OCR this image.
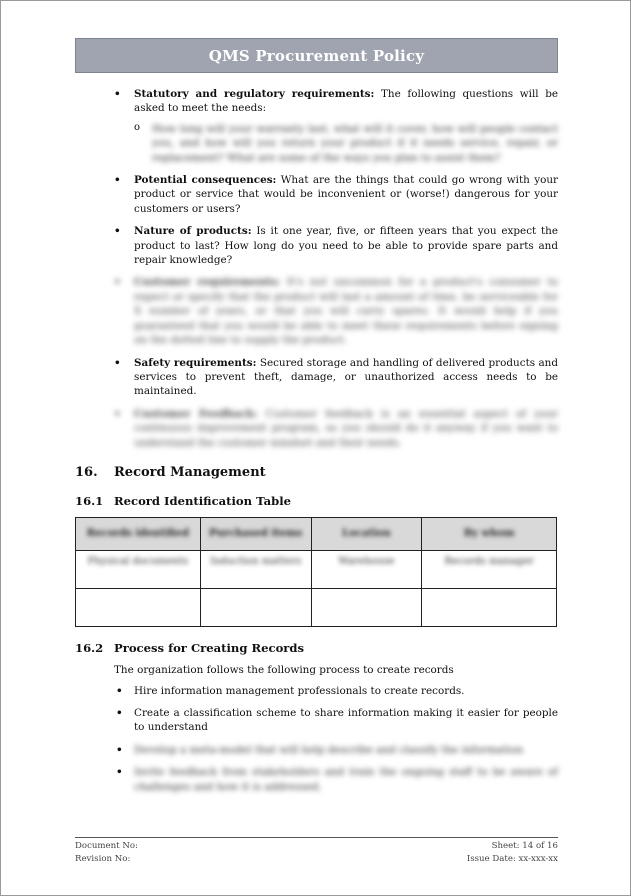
QMS Procurement Policy
• Statutory and regulatory requirements: The following questions will be asked to meet the needs:
o How long will your warranty last, what will it cover, how will people contact you, and how will you return your product if it needs service, repair, or replacement? What are some of the ways you plan to assist them?
• Potential consequences: What are the things that could go wrong with your product or service that would be inconvenient or (worse!) dangerous for your customers or users?
• Nature of products: Is it one year, five, or fifteen years that you expect the product to last? How long do you need to be able to provide spare parts and repair knowledge?
• Customer requirements: It's not uncommon for a product's consumer to expect or specify that the product will last a amount of time, be serviceable for X number of years, or that you will carry spares. It would help if you guaranteed that you would be able to meet these requirements before signing on the dotted line to supply the product.
• Safety requirements: Secured storage and handling of delivered products and services to prevent theft, damage, or unauthorized access needs to be maintained.
• Customer Feedback: Customer feedback is an essential aspect of your continuous improvement program, so you should do it anyway if you want to understand the customer mindset and their needs.
16.	Record Management
16.1 Record Identification Table
Records identified	Purchased items	Location	By whom
Physical documents	Induction matters	Warehouse	Records manager

16.2 Process for Creating Records
The organization follows the following process to create records
• Hire information management professionals to create records.
• Create a classification scheme to share information making it easier for people to understand
• Develop a meta-model that will help describe and classify the information
• Invite feedback from stakeholders and train the ongoing staff to be aware of challenges and how it is addressed.
Document No:
Revision No:
Sheet: 14 of 16
Issue Date: xx-xxx-xx
